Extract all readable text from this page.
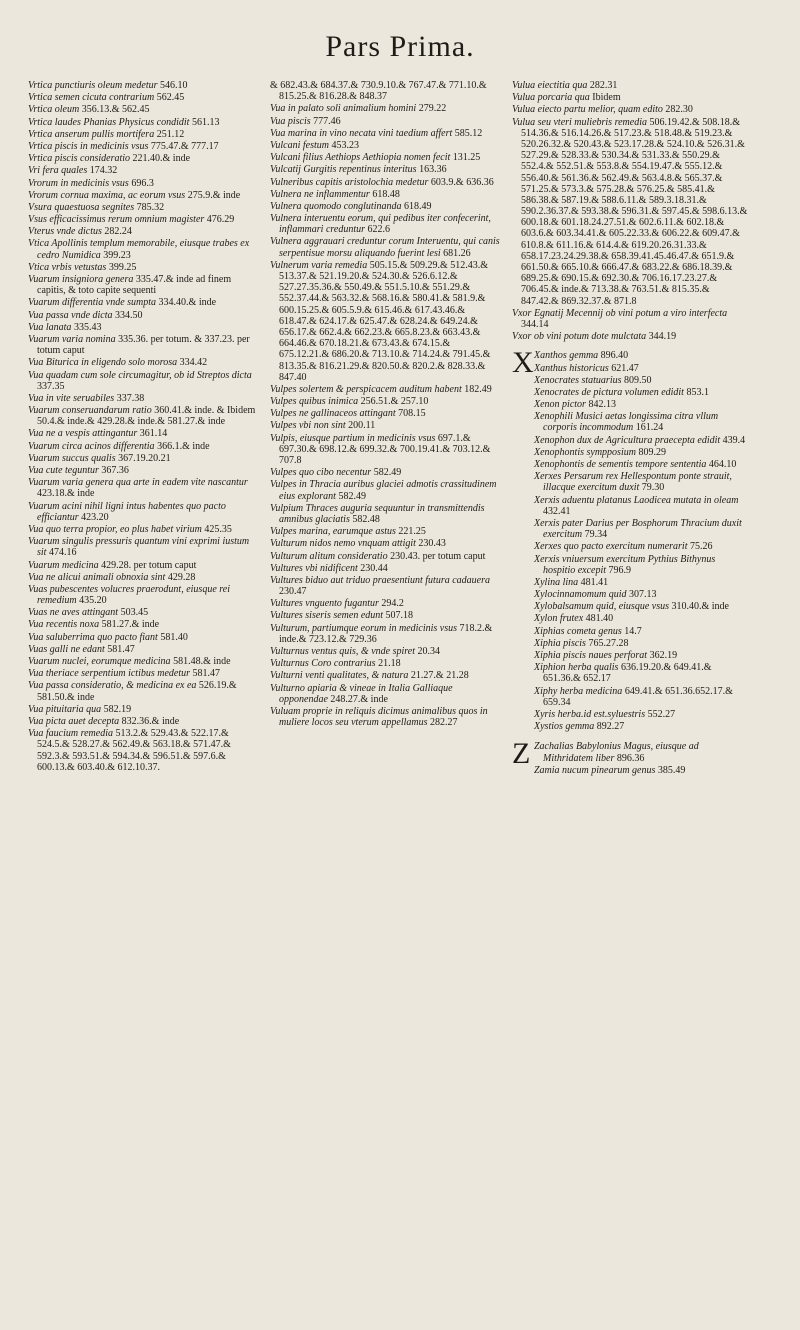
Pars Prima.
Vrtica punctiuris oleum medetur 546.10
Vrtica semen cicuta contrarium 562.45
Vrtica oleum 356.13.& 562.45
Vrtica laudes Phanias Physicus condidit 561.13
Vrtica anserum pullis mortifera 251.12
Vrtica piscis in medicinis vsus 775.47.& 777.17
Vrtica piscis consideratio 221.40.& inde
Vri fera quales 174.32
Vrorum in medicinis vsus 696.3
Vrorum cornua maxima, ac eorum vsus 275.9.& inde
Vsura quaestuosa segnites 785.32
Vsus efficacissimus rerum omnium magister 476.29
Vterus vnde dictus 282.24
Vtica Apollinis templum memorabile, eiusque trabes ex cedro Numidica 399.23
Vtica vrbis vetustas 399.25
Vuarum insigniora genera 335.47.& inde ad finem capitis, & toto capite sequenti
Vuarum differentia vnde sumpta 334.40.& inde
Vua passa vnde dicta 334.50
Vua lanata 335.43
Vuarum varia nomina 335.36. per totum. & 337.23. per totum caput
Vua Biturica in eligendo solo morosa 334.42
Vua quadam cum sole circumagitur, ob id Streptos dicta337.35
Vua in vite seruabiles 337.38
Vuarum conseruandarum ratio 360.41.& inde. & Ibidem 50.4.& inde.& 429.28.& inde.& 581.27.& inde
Vua ne a vespis attingantur 361.14
Vuarum circa acinos differentia 366.1.& inde
Vuarum succus qualis 367.19.20.21
Vua cute teguntur 367.36
Vuarum varia genera qua arte in eadem vite nascantur423.18.& inde
Vuarum acini nihil ligni intus habentes quo pacto efficiantur 423.20
Vua quo terra propior, eo plus habet virium 425.35
Vuarum singulis pressuris quantum vini exprimi iustum sit 474.16
Vuarum medicina 429.28. per totum caput
Vua ne alicui animali obnoxia sint 429.28
Vuas pubescentes volucres praerodunt, eiusque rei remedium 435.20
Vuas ne aves attingant 503.45
Vua recentis noxa 581.27.& inde
Vua saluberrima quo pacto fiant 581.40
Vuas galli ne edant 581.47
Vuarum nuclei, eorumque medicina 581.48.& inde
Vua theriace serpentium ictibus medetur 581.47
Vua passa consideratio, & medicina ex ea 526.19.& 581.50.& inde
Vua pituitaria qua 582.19
Vua picta auet decepta 832.36.& inde
Vua faucium remedia 513.2.& 529.43.& 522.17.& 524.5.& 528.27.& 562.49.& 563.18.& 571.47.& 592.3.& 593.51.& 594.34.& 596.51.& 597.6.& 600.13.& 603.40.& 612.10.37.
& 682.43.& 684.37.& 730.9.10.& 767.47.& 771.10.& 815.25.& 816.28.& 848.37
Vua in palato soli animalium homini 279.22
Vua piscis 777.46
Vua marina in vino necata vini taedium affert 585.12
Vulcani festum 453.23
Vulcani filius Aethiops Aethiopia nomen fecit 131.25
Vulcatij Gurgitis repentinus interitus 163.36
Vulneribus capitis aristolochia medetur 603.9.& 636.36
Vulnera ne inflammentur 618.48
Vulnera quomodo conglutinanda 618.49
Vulnera interuentu eorum, qui pedibus iter confecerint, inflammari creduntur 622.6
Vulnera aggrauari creduntur corum Interuentu, qui canis serpentisue morsu aliquando fuerint lesi 681.26
Vulnerum varia remedia 505.15.& 509.29.& 512.43.& 513.37.& 521.19.20.& 524.30.& 526.6.12.& 527.27.35.36.& 550.49.& 551.5.10.& 551.29.& 552.37.44.& 563.32.& 568.16.& 580.41.& 581.9.& 600.15.25.& 605.5.9.& 615.46.& 617.43.46.& 618.47.& 624.17.& 625.47.& 628.24.& 649.24.& 656.17.& 662.4.& 662.23.& 665.8.23.& 663.43.& 664.46.& 670.18.21.& 673.43.& 674.15.& 675.12.21.& 686.20.& 713.10.& 714.24.& 791.45.& 813.35.& 816.21.29.& 820.50.& 820.2.& 828.33.& 847.40
Vulpes solertem & perspicacem auditum habent 182.49
Vulpes quibus inimica 256.51.& 257.10
Vulpes ne gallinaceos attingant 708.15
Vulpes vbi non sint 200.11
Vulpis, eiusque partium in medicinis vsus 697.1.& 697.30.& 698.12.& 699.32.& 700.19.41.& 703.12.& 707.8
Vulpes quo cibo necentur 582.49
Vulpes in Thracia auribus glaciei admotis crassitudinem eius explorant 582.49
Vulpium Thraces auguria sequuntur in transmittendis amnibus glaciatis 582.48
Vulpes marina, earumque astus 221.25
Vulturum nidos nemo vnquam attigit 230.43
Vulturum alitum consideratio 230.43. per totum caput
Vultures vbi nidificent 230.44
Vultures biduo aut triduo praesentiunt futura cadauera230.47
Vultures vnguento fugantur 294.2
Vultures siseris semen edunt 507.18
Vulturum, partiumque eorum in medicinis vsus 718.2.& inde.& 723.12.& 729.36
Vulturnus ventus quis, & vnde spiret 20.34
Vulturnus Coro contrarius 21.18
Vulturni venti qualitates, & natura 21.27.& 21.28
Vulturno apiaria & vineae in Italia Galliaque opponendae 248.27.& inde
Vuluam proprie in reliquis dicimus animalibus quos in muliere locos seu vterum appellamus 282.27
Vulua eiectitia qua 282.31
Vulua porcaria qua Ibidem
Vulua eiecto partu melior, quam edito 282.30
Vulua seu vteri muliebris remedia 506.19.42.& 508.18.& 514.36.& 516.14.26.& 517.23.& 518.48.& 519.23.& 520.26.32.& 520.43.& 523.17.28.& 524.10.& 526.31.& 527.29.& 528.33.& 530.34.& 531.33.& 550.29.& 552.4.& 552.51.& 553.8.& 554.19.47.& 555.12.& 556.40.& 561.36.& 562.49.& 563.4.8.& 565.37.& 571.25.& 573.3.& 575.28.& 576.25.& 585.41.& 586.38.& 587.19.& 588.6.11.& 589.3.18.31.& 590.2.36.37.& 593.38.& 596.31.& 597.45.& 598.6.13.& 600.18.& 601.18.24.27.51.& 602.6.11.& 602.18.& 603.6.& 603.34.41.& 605.22.33.& 606.22.& 609.47.& 610.8.& 611.16.& 614.4.& 619.20.26.31.33.& 658.17.23.24.29.38.& 658.39.41.45.46.47.& 651.9.& 661.50.& 665.10.& 666.47.& 683.22.& 686.18.39.& 689.25.& 690.15.& 692.30.& 706.16.17.23.27.& 706.45.& inde.& 713.38.& 763.51.& 815.35.& 847.42.& 869.32.37.& 871.8
Vxor Egnatij Mecennij ob vini potum a viro interfecta344.14
Vxor ob vini potum dote mulctata 344.19
X Xanthos gemma 896.40
Xanthus historicus 621.47
Xenocrates statuarius 809.50
Xenocrates de pictura volumen edidit 853.1
Xenon pictor 842.13
Xenophili Musici aetas longissima citra vllum corporis incommodum 161.24
Xenophon dux de Agricultura praecepta edidit 439.4
Xenophontis sympposium 809.29
Xenophontis de sementis tempore sententia 464.10
Xerxes Persarum rex Hellespontum ponte strauit, illacque exercitum duxit 79.30
Xerxis aduentu platanus Laodicea mutata in oleam432.41
Xerxis pater Darius per Bosphorum Thracium duxit exercitum 79.34
Xerxes quo pacto exercitum numerarit 75.26
Xerxis vniuersum exercitum Pythius Bithynus hospitio excepit 796.9
Xylina lina 481.41
Xylocinnamomum quid 307.13
Xylobalsamum quid, eiusque vsus 310.40.& inde
Xylon frutex 481.40
Xiphias cometa genus 14.7
Xiphia piscis 765.27.28
Xiphia piscis naues perforat 362.19
Xiphion herba qualis 636.19.20.& 649.41.& 651.36.& 652.17
Xiphy herba medicina 649.41.& 651.36.652.17.& 659.34
Xyris herba.id est.syluestris 552.27
Xystios gemma 892.27
Z Zachalias Babylonius Magus, eiusque ad Mithridatem liber 896.36
Zamia nucum pinearum genus 385.49
